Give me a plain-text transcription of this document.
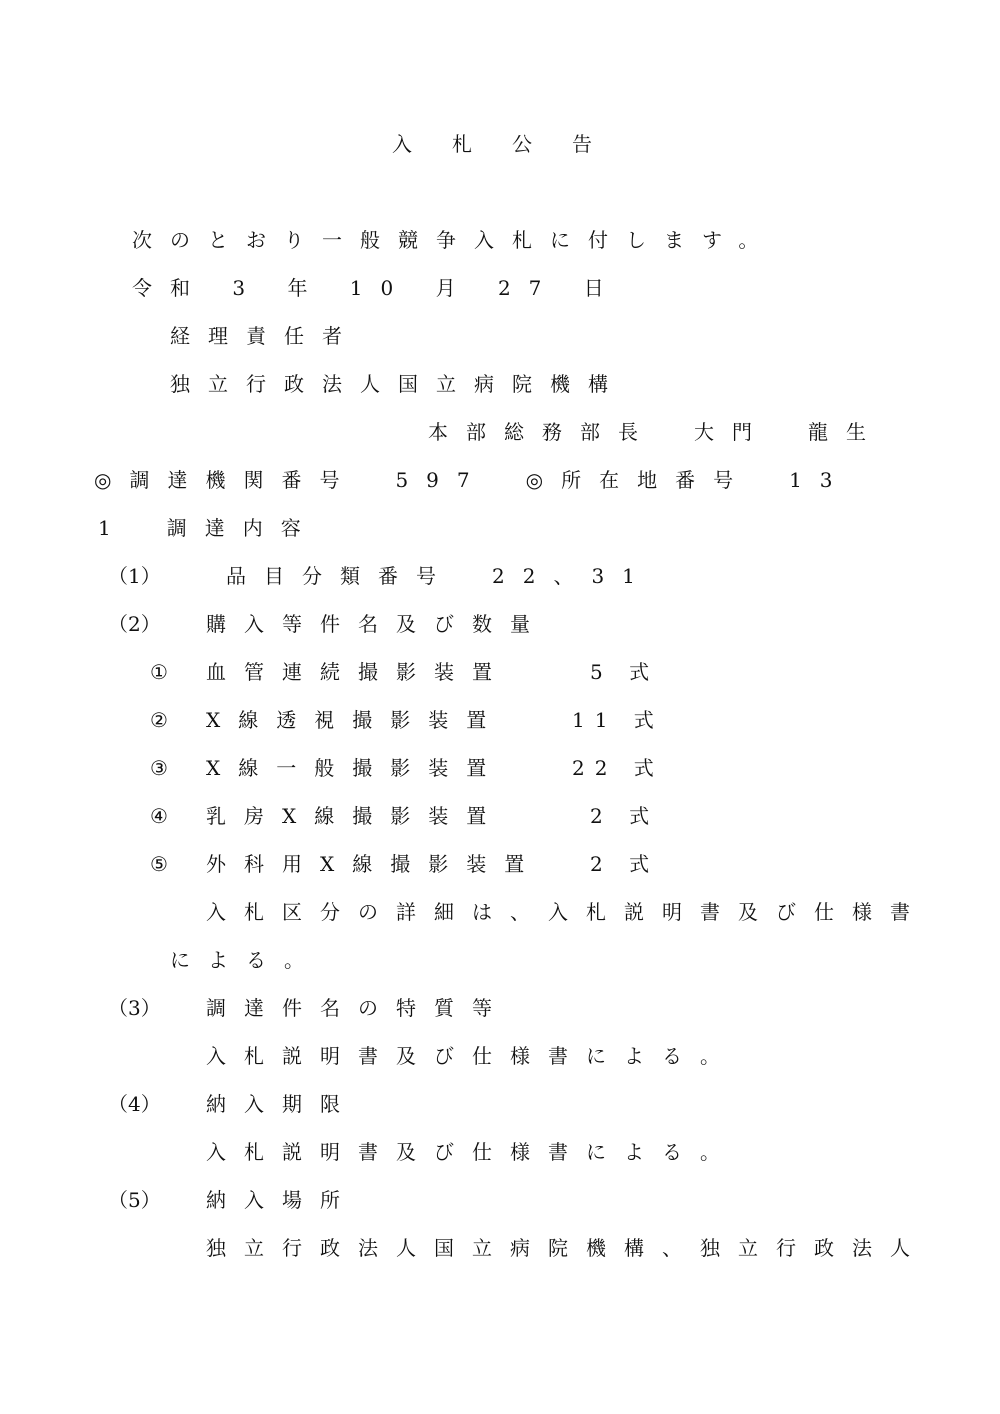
入札公告

次のとおり一般競争入札に付します。

令和 3 年 10 月 27 日

経理責任者

独立行政法人国立病院機構

本部総務部長　大門　龍生

◎調達機関番号　597　◎所在地番号　13

1　調達内容

（1）	品目分類番号　22、31

（2） 購入等件名及び数量

① 血管連続撮影装置	5 式

② X線透視撮影装置	11 式

③ X線一般撮影装置	22 式

④ 乳房X線撮影装置	2 式

⑤ 外科用X線撮影装置 2 式

入札区分の詳細は、入札説明書及び仕様書

による。

（3） 調達件名の特質等

入札説明書及び仕様書による。

（4） 納入期限

入札説明書及び仕様書による。

（5） 納入場所

独立行政法人国立病院機構、独立行政法人
